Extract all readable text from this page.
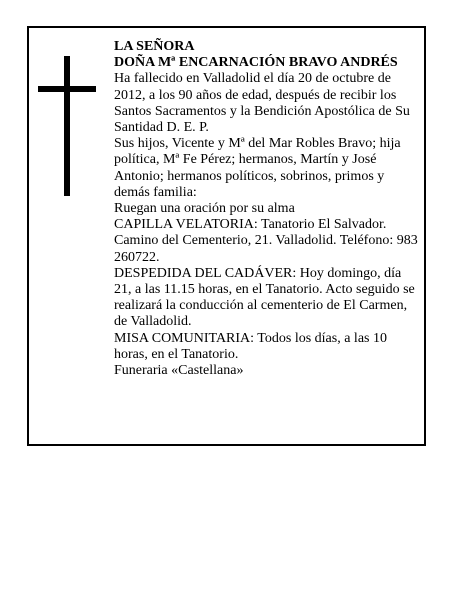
LA SEÑORA

DOÑA Mª ENCARNACIÓN BRAVO ANDRÉS

Ha fallecido en Valladolid el día 20 de octubre de 2012, a los 90 años de edad, después de recibir los Santos Sacramentos y la Bendición Apostólica de Su Santidad D. E. P.

Sus hijos, Vicente y Mª del Mar Robles Bravo; hija política, Mª Fe Pérez; hermanos, Martín y José Antonio; hermanos políticos, sobrinos, primos y demás familia:

Ruegan una oración por su alma

CAPILLA VELATORIA: Tanatorio El Salvador. Camino del Cementerio, 21. Valladolid. Teléfono: 983 260722.

DESPEDIDA DEL CADÁVER: Hoy domingo, día 21, a las 11.15 horas, en el Tanatorio. Acto seguido se realizará la conducción al cementerio de El Carmen, de Valladolid.

MISA COMUNITARIA: Todos los días, a las 10 horas, en el Tanatorio.

Funeraria «Castellana»
